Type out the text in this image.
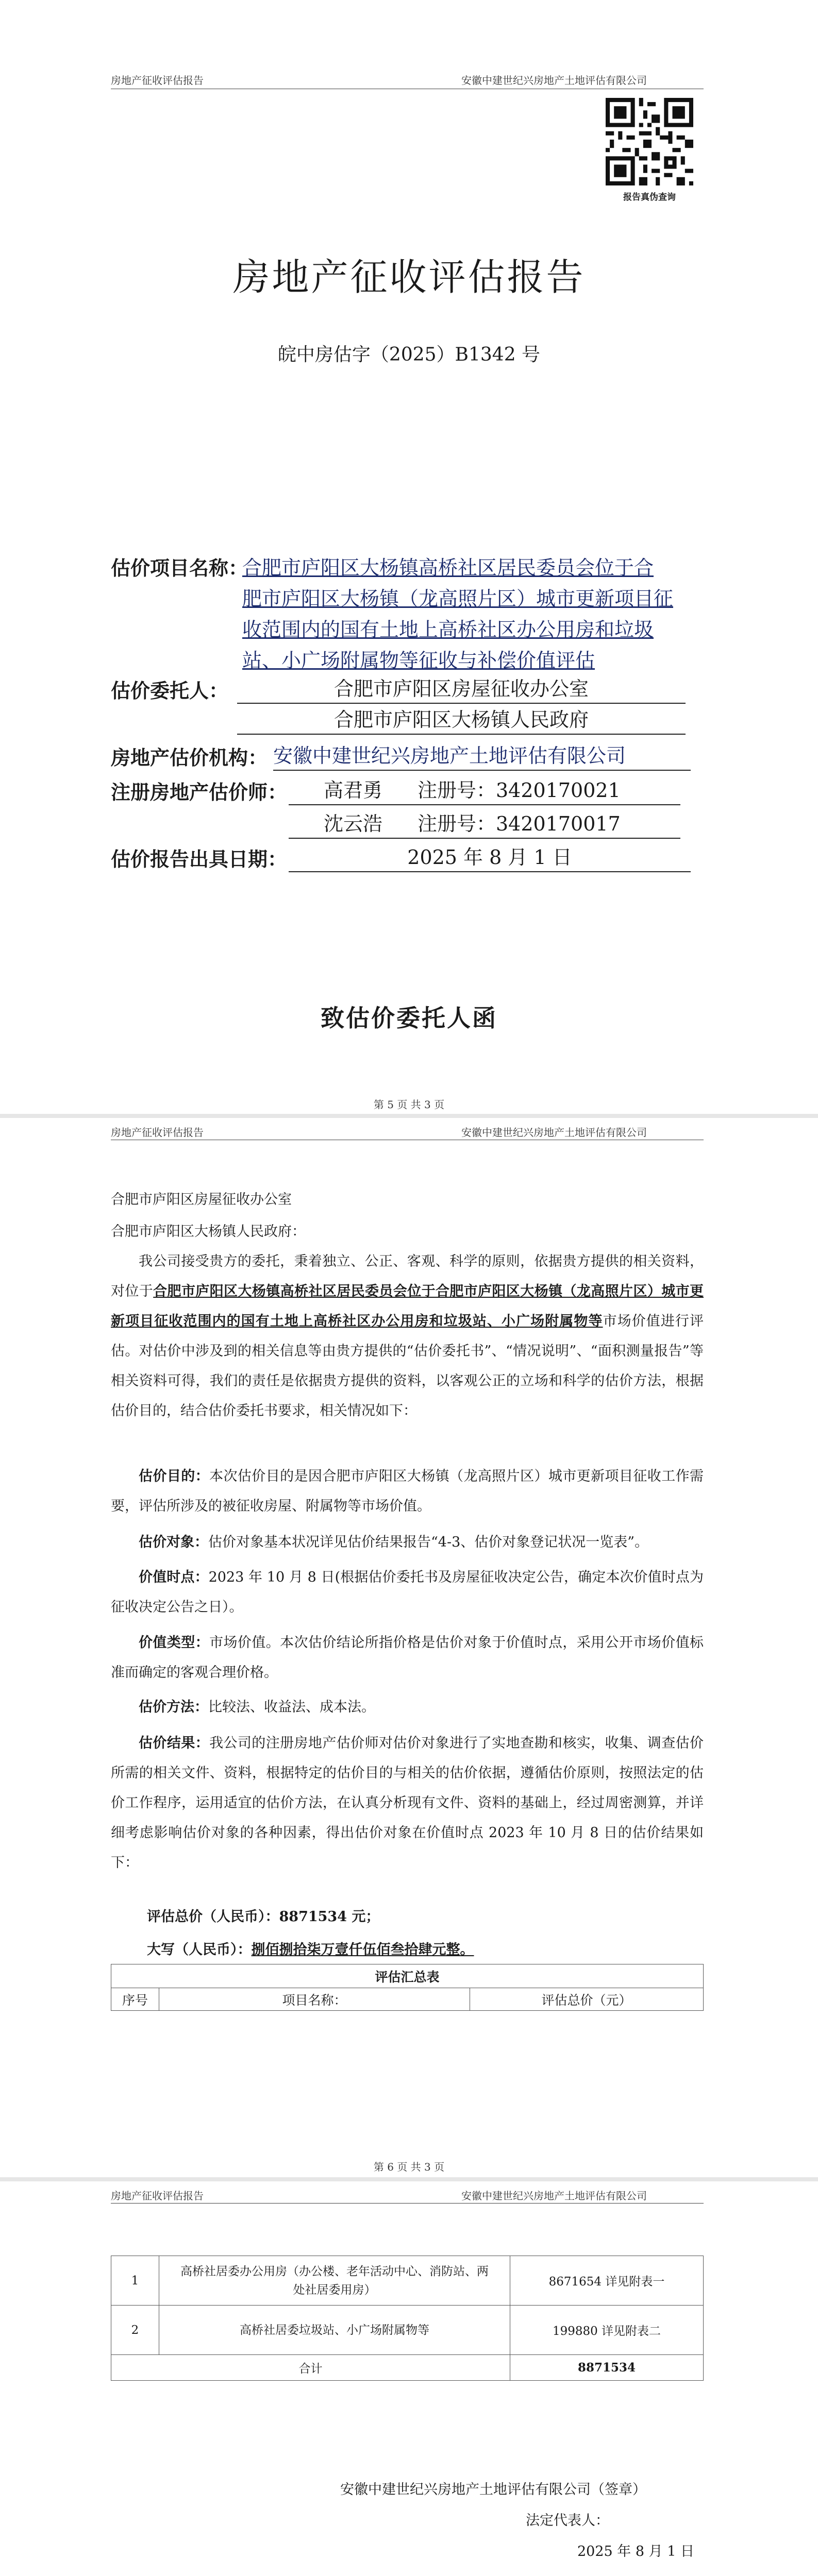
房地产征收评估报告	安徽中建世纪兴房地产土地评估有限公司
报告真伪查询
房地产征收评估报告
皖中房估字（2025）B1342 号
估价项目名称：
合肥市庐阳区大杨镇高桥社区居民委员会位于合
肥市庐阳区大杨镇（龙高照片区）城市更新项目征
收范围内的国有土地上高桥社区办公用房和垃圾
站、小广场附属物等征收与补偿价值评估
估价委托人：	合肥市庐阳区房屋征收办公室
合肥市庐阳区大杨镇人民政府
房地产估价机构： 安徽中建世纪兴房地产土地评估有限公司
注册房地产估价师：	高君勇 注册号：3420170021
沈云浩 注册号：3420170017
估价报告出具日期：	2025 年 8 月 1 日
致估价委托人函
第 5 页 共 3 页
房地产征收评估报告	安徽中建世纪兴房地产土地评估有限公司
合肥市庐阳区房屋征收办公室
合肥市庐阳区大杨镇人民政府：
我公司接受贵方的委托，秉着独立、公正、客观、科学的原则，依据贵方提供的相关资料，对位于合肥市庐阳区大杨镇高桥社区居民委员会位于合肥市庐阳区大杨镇（龙高照片区）城市更新项目征收范围内的国有土地上高桥社区办公用房和垃圾站、小广场附属物等市场价值进行评估。对估价中涉及到的相关信息等由贵方提供的“估价委托书”、“情况说明”、“面积测量报告”等相关资料可得，我们的责任是依据贵方提供的资料，以客观公正的立场和科学的估价方法，根据估价目的，结合估价委托书要求，相关情况如下：
估价目的：本次估价目的是因合肥市庐阳区大杨镇（龙高照片区）城市更新项目征收工作需要，评估所涉及的被征收房屋、附属物等市场价值。
估价对象：估价对象基本状况详见估价结果报告“4-3、估价对象登记状况一览表”。
价值时点：2023 年 10 月 8 日(根据估价委托书及房屋征收决定公告，确定本次价值时点为征收决定公告之日）。
价值类型：市场价值。本次估价结论所指价格是估价对象于价值时点，采用公开市场价值标准而确定的客观合理价格。
估价方法：比较法、收益法、成本法。
估价结果：我公司的注册房地产估价师对估价对象进行了实地查勘和核实，收集、调查估价所需的相关文件、资料，根据特定的估价目的与相关的估价依据，遵循估价原则，按照法定的估价工作程序，运用适宜的估价方法，在认真分析现有文件、资料的基础上，经过周密测算，并详细考虑影响估价对象的各种因素，得出估价对象在价值时点 2023 年 10 月 8 日的估价结果如下：
评估总价（人民币）：8871534 元；
大写（人民币）：捌佰捌拾柒万壹仟伍佰叁拾肆元整。
评估汇总表
序号	项目名称：	评估总价（元）
第 6 页 共 3 页
房地产征收评估报告	安徽中建世纪兴房地产土地评估有限公司
1	高桥社居委办公用房（办公楼、老年活动中心、消防站、两处社居委用房）	8671654 详见附表一
2	高桥社居委垃圾站、小广场附属物等	199880 详见附表二
合计		8871534
安徽中建世纪兴房地产土地评估有限公司（签章）
法定代表人：
2025 年 8 月 1 日
